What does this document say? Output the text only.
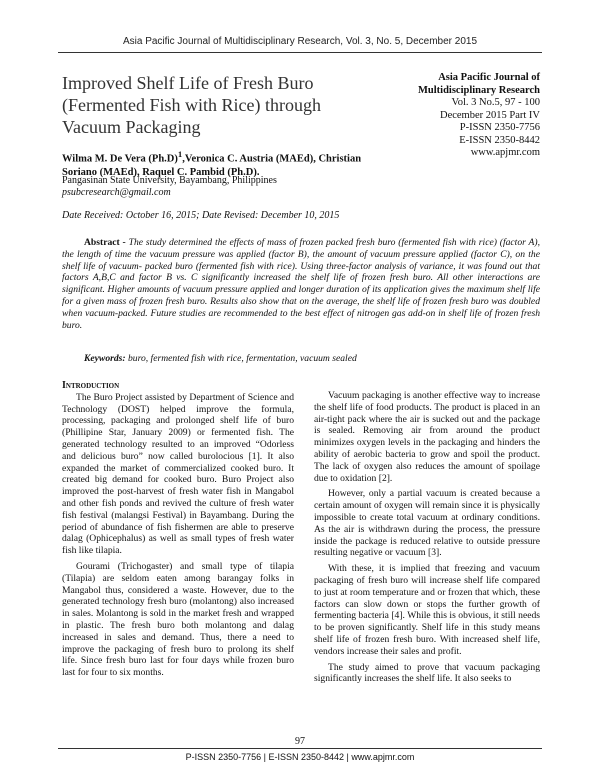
Asia Pacific Journal of Multidisciplinary Research, Vol. 3, No. 5, December 2015
Improved Shelf Life of Fresh Buro (Fermented Fish with Rice) through Vacuum Packaging
Asia Pacific Journal of Multidisciplinary Research
Vol. 3 No.5, 97 - 100
December 2015 Part IV
P-ISSN 2350-7756
E-ISSN 2350-8442
www.apjmr.com
Wilma M. De Vera $(Ph.D)^1,Veronica$ C. Austria (MAEd), Christian Soriano (MAEd), Raquel C. Pambid (Ph.D).
Pangasinan State University, Bayambang, Philippines
psubcresearch@gmail.com
Date Received: October 16, 2015; Date Revised: December 10, 2015
Abstract - The study determined the effects of mass of frozen packed fresh buro (fermented fish with rice) (factor A), the length of time the vacuum pressure was applied (factor B), the amount of vacuum pressure applied (factor C), on the shelf life of vacuum- packed buro (fermented fish with rice). Using three-factor analysis of variance, it was found out that factors A,B,C and factor B vs. C significantly increased the shelf life of frozen fresh buro. All other interactions are significant. Higher amounts of vacuum pressure applied and longer duration of its application gives the maximum shelf life for a given mass of frozen fresh buro. Results also show that on the average, the shelf life of frozen fresh buro was doubled when vacuum-packed. Future studies are recommended to the best effect of nitrogen gas add-on in shelf life of frozen fresh buro.
Keywords: buro, fermented fish with rice, fermentation, vacuum sealed
Introduction

The Buro Project assisted by Department of Science and Technology (DOST) helped improve the formula, processing, packaging and prolonged shelf life of buro (Phillipine Star, January 2009) or fermented fish. The generated technology resulted to an improved “Odorless and delicious buro” now called burolocious [1]. It also expanded the market of commercialized cooked buro. It created big demand for cooked buro. Buro Project also improved the post-harvest of fresh water fish in Mangabol and other fish ponds and revived the culture of fresh water fish festival (malangsi Festival) in Bayambang. During the period of abundance of fish fishermen are able to preserve dalag (Ophicephalus) as well as small types of fresh water fish like tilapia.

Gourami (Trichogaster) and small type of tilapia (Tilapia) are seldom eaten among barangay folks in Mangabol thus, considered a waste. However, due to the generated technology fresh buro (molantong) also increased in sales. Molantong is sold in the market fresh and wrapped in plastic. The fresh buro both molantong and dalag increased in sales and demand. Thus, there a need to improve the packaging of fresh buro to prolong its shelf life. Since fresh buro last for four days while frozen buro last for four to six months.

Vacuum packaging is another effective way to increase the shelf life of food products. The product is placed in an air-tight pack where the air is sucked out and the package is sealed. Removing air from around the product minimizes oxygen levels in the packaging and hinders the ability of aerobic bacteria to grow and spoil the product. The lack of oxygen also reduces the amount of spoilage due to oxidation [2].

However, only a partial vacuum is created because a certain amount of oxygen will remain since it is physically impossible to create total vacuum at ordinary conditions. As the air is withdrawn during the process, the pressure inside the package is reduced relative to outside pressure resulting negative or vacuum [3].

With these, it is implied that freezing and vacuum packaging of fresh buro will increase shelf life compared to just at room temperature and or frozen that which, these factors can slow down or stops the further growth of fermenting bacteria [4]. While this is obvious, it still needs to be proven significantly. Shelf life in this study means shelf life of frozen fresh buro. With increased shelf life, vendors increase their sales and profit.

The study aimed to prove that vacuum packaging significantly increases the shelf life. It also seeks to

97
P-ISSN 2350-7756 | E-ISSN 2350-8442 | www.apjmr.com
